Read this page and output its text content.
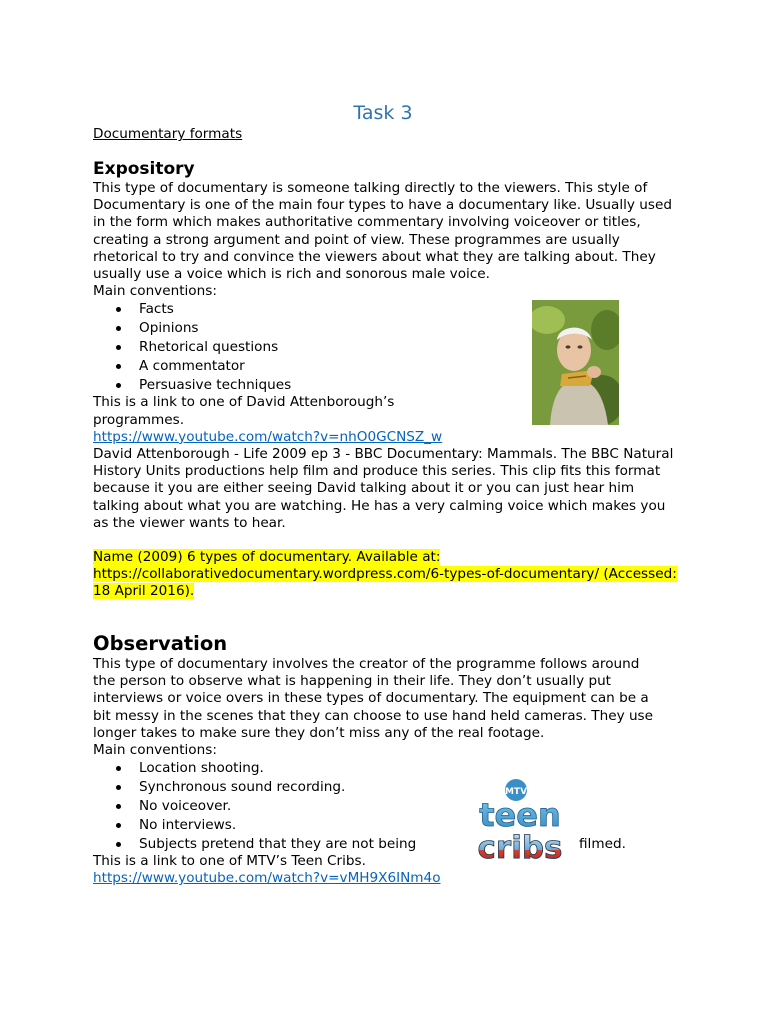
Task 3
Documentary formats
Expository

This type of documentary is someone talking directly to the viewers. This style of Documentary is one of the main four types to have a documentary like. Usually used in the form which makes authoritative commentary involving voiceover or titles, creating a strong argument and point of view. These programmes are usually rhetorical to try and convince the viewers about what they are talking about. They usually use a voice which is rich and sonorous male voice.

Main conventions:

Facts
Opinions
Rhetorical questions
A commentator
Persuasive techniques

This is a link to one of David Attenborough’s programmes.

https://www.youtube.com/watch?v=nhO0GCNSZ_w

David Attenborough - Life 2009 ep 3 - BBC Documentary: Mammals. The BBC Natural History Units productions help film and produce this series. This clip fits this format because it you are either seeing David talking about it or you can just hear him talking about what you are watching. He has a very calming voice which makes you as the viewer wants to hear.

Name (2009) 6 types of documentary. Available at: https://collaborativedocumentary.wordpress.com/6-types-of-documentary/ (Accessed: 18 April 2016).

Observation

This type of documentary involves the creator of the programme follows around the person to observe what is happening in their life. They don’t usually put interviews or voice overs in these types of documentary. The equipment can be a bit messy in the scenes that they can choose to use hand held cameras. They use longer takes to make sure they don’t miss any of the real footage.

Main conventions:

Location shooting.
Synchronous sound recording.
No voiceover.
No interviews.
Subjects pretend that they are not being	filmed.

This is a link to one of MTV’s Teen Cribs.

https://www.youtube.com/watch?v=vMH9X6INm4o

MTV
teen
cribs
